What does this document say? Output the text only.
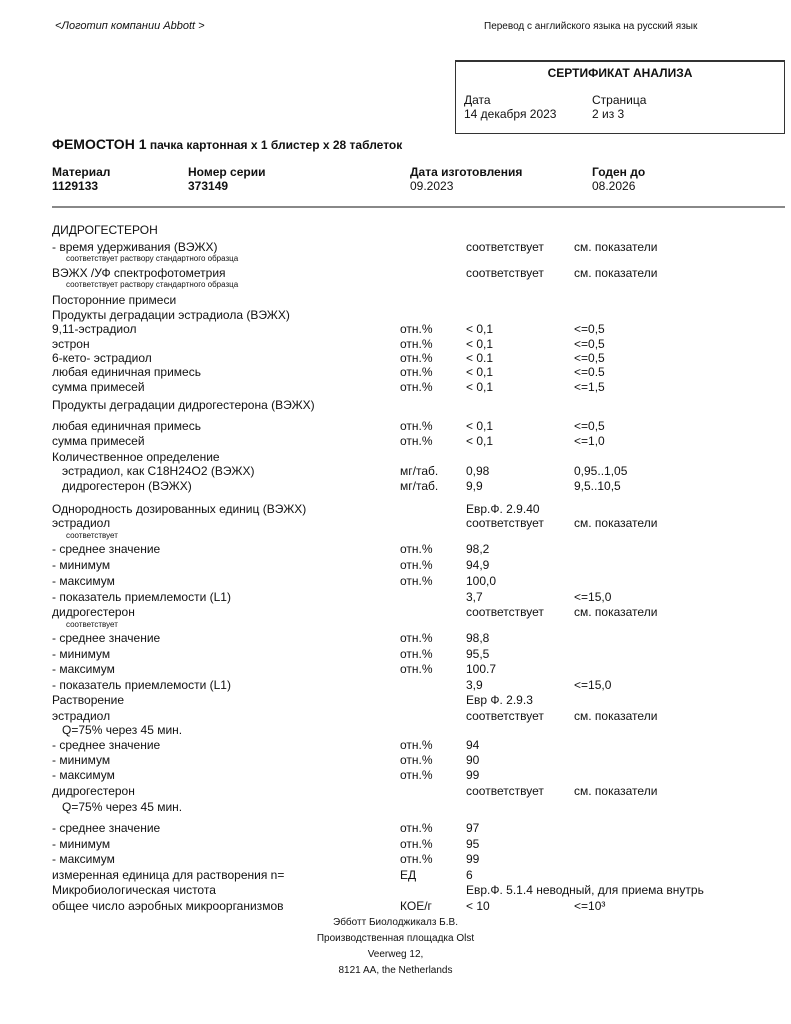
<Логотип компании Abbott >	Перевод с английского языка на русский язык
СЕРТИФИКАТ АНАЛИЗА
Дата
14 декабря 2023
Страница
2 из 3
ФЕМОСТОН 1 пачка картонная х 1 блистер х 28 таблеток
Материал
1129133
Номер серии
373149
Дата изготовления
09.2023
Годен до
08.2026
ДИДРОГЕСТЕРОН
- время удерживания (ВЭЖХ)	соответствует	см. показатели
соответствует раствору стандартного образца
ВЭЖХ /УФ спектрофотометрия	соответствует	см. показатели
соответствует раствору стандартного образца
Посторонние примеси
Продукты деградации эстрадиола (ВЭЖХ)
9,11-эстрадиол	отн.%	< 0,1	<=0,5
эстрон	отн.%	< 0,1	<=0,5
6-кето- эстрадиол	отн.%	< 0.1	<=0,5
любая единичная примесь	отн.%	< 0,1	<=0.5
сумма примесей	отн.%	< 0,1	<=1,5
Продукты деградации дидрогестерона (ВЭЖХ)
любая единичная примесь	отн.%	< 0,1	<=0,5
сумма примесей	отн.%	< 0,1	<=1,0
Количественное определение
эстрадиол, как C18H24O2 (ВЭЖХ)	мг/таб. 0,98	0,95..1,05
дидрогестерон (ВЭЖХ)	мг/таб. 9,9	9,5..10,5
Однородность дозированных единиц (ВЭЖХ)	Евр.Ф. 2.9.40
эстрадиол	соответствует	см. показатели
соответствует
- среднее значение	отн.%	98,2
- минимум	отн.%	94,9
- максимум	отн.%	100,0
- показатель приемлемости (L1)	3,7	<=15,0
дидрогестерон	соответствует	см. показатели
соответствует
- среднее значение	отн.%	98,8
- минимум	отн.%	95,5
- максимум	отн.%	100.7
- показатель приемлемости (L1)	3,9	<=15,0
Растворение	Евр Ф. 2.9.3
эстрадиол	соответствует	см. показатели
Q=75% через 45 мин.
- среднее значение	отн.%	94
- минимум	отн.%	90
- максимум	отн.%	99
дидрогестерон	соответствует	см. показатели
Q=75% через 45 мин.
- среднее значение	отн.%	97
- минимум	отн.%	95
- максимум	отн.%	99
измеренная единица для растворения n=	ЕД	6
Микробиологическая чистота	Евр.Ф. 5.1.4 неводный, для приема внутрь
общее число аэробных микроорганизмов	КОЕ/г	< 10	<=10³
Эбботт Биолоджикалз Б.В.
Производственная площадка Olst
Veerweg 12,
8121 AA, the Netherlands
